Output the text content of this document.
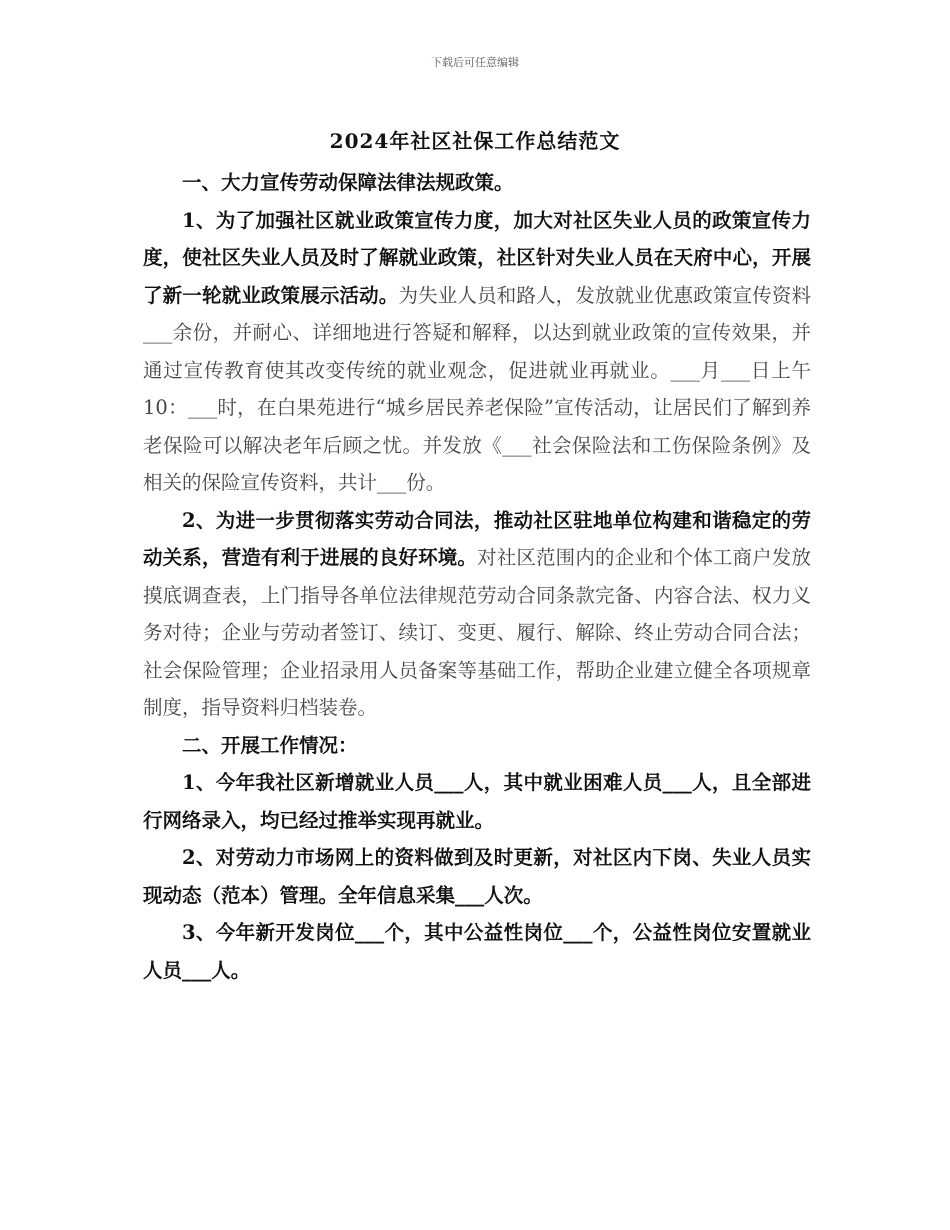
下载后可任意编辑
2024年社区社保工作总结范文

一、大力宣传劳动保障法律法规政策。

1、为了加强社区就业政策宣传力度，加大对社区失业人员的政策宣传力度，使社区失业人员及时了解就业政策，社区针对失业人员在天府中心，开展了新一轮就业政策展示活动。为失业人员和路人，发放就业优惠政策宣传资料___余份，并耐心、详细地进行答疑和解释，以达到就业政策的宣传效果，并通过宣传教育使其改变传统的就业观念，促进就业再就业。___月___日上午10：___时，在白果苑进行“城乡居民养老保险”宣传活动，让居民们了解到养老保险可以解决老年后顾之忧。并发放《___社会保险法和工伤保险条例》及相关的保险宣传资料，共计___份。

2、为进一步贯彻落实劳动合同法，推动社区驻地单位构建和谐稳定的劳动关系，营造有利于进展的良好环境。对社区范围内的企业和个体工商户发放摸底调查表，上门指导各单位法律规范劳动合同条款完备、内容合法、权力义务对待；企业与劳动者签订、续订、变更、履行、解除、终止劳动合同合法；社会保险管理；企业招录用人员备案等基础工作，帮助企业建立健全各项规章制度，指导资料归档装卷。

二、开展工作情况：

1、今年我社区新增就业人员___人，其中就业困难人员___人，且全部进行网络录入，均已经过推举实现再就业。

2、对劳动力市场网上的资料做到及时更新，对社区内下岗、失业人员实现动态（范本）管理。全年信息采集___人次。

3、今年新开发岗位___个，其中公益性岗位___个，公益性岗位安置就业人员___人。
